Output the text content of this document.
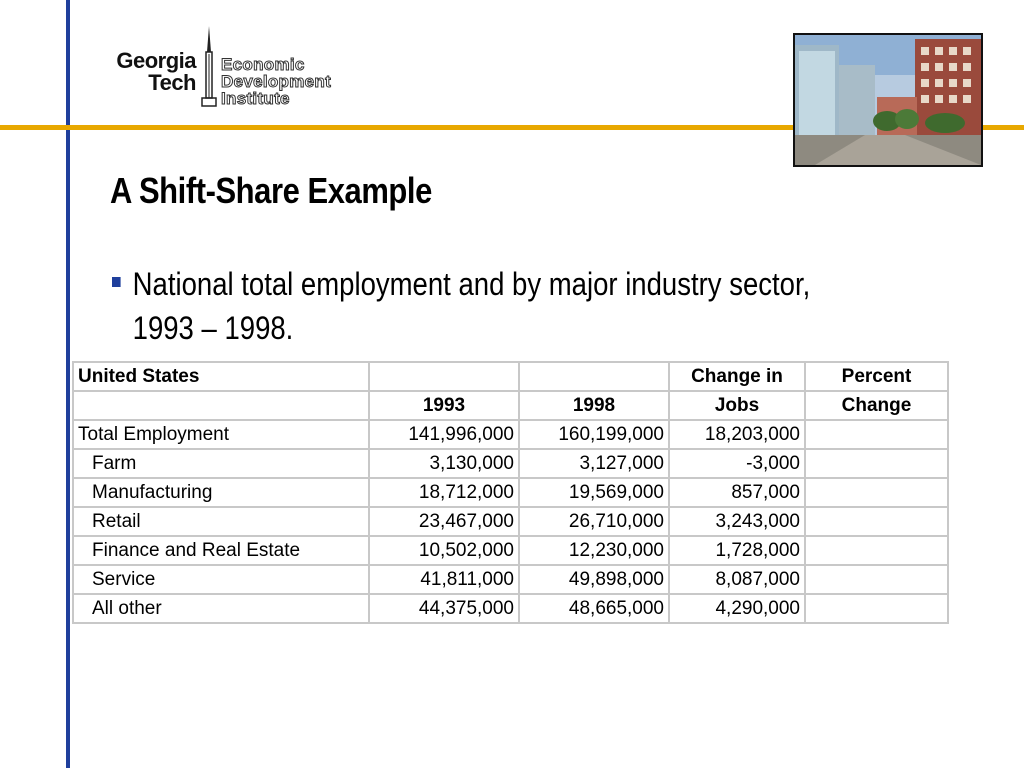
Georgia
Tech
Economic
Development
Institute
A Shift-Share Example
National total employment and by major industry sector, 1993 – 1998.
United States			Change in	Percent
	1993	1998	Jobs	Change
Total Employment	141,996,000	160,199,000	18,203,000	
Farm	3,130,000	3,127,000	-3,000	
Manufacturing	18,712,000	19,569,000	857,000	
Retail	23,467,000	26,710,000	3,243,000	
Finance and Real Estate	10,502,000	12,230,000	1,728,000	
Service	41,811,000	49,898,000	8,087,000	
All other	44,375,000	48,665,000	4,290,000	
